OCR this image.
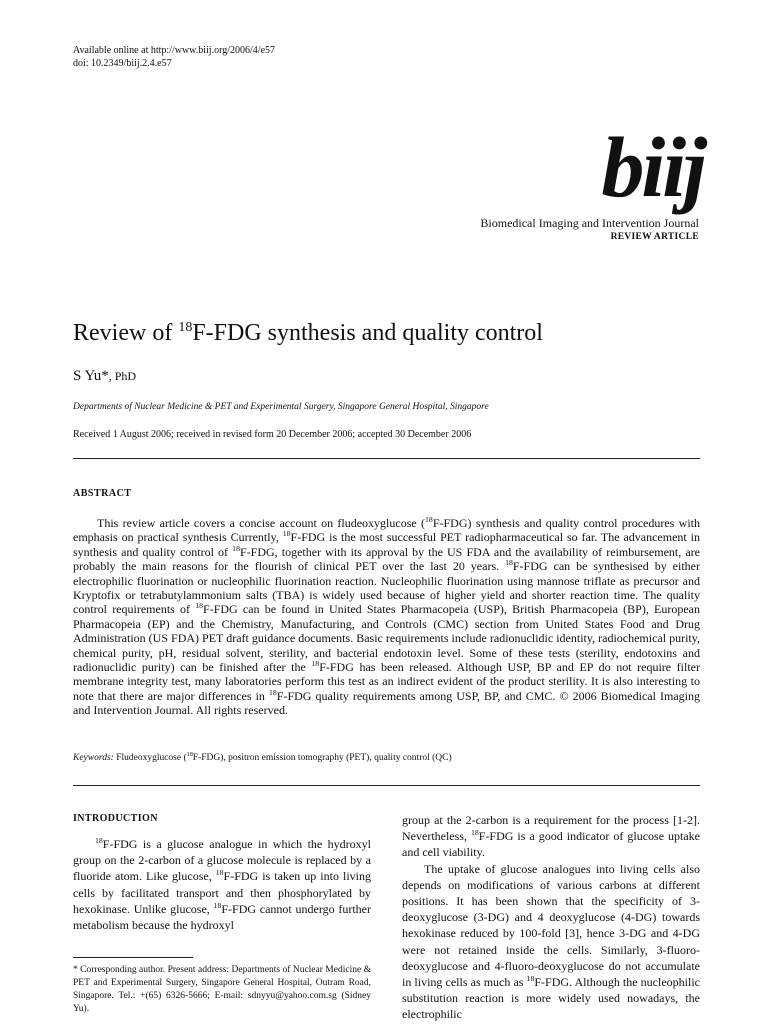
Available online at http://www.biij.org/2006/4/e57
doi: 10.2349/biij.2.4.e57
biij
Biomedical Imaging and Intervention Journal
REVIEW ARTICLE
Review of $^{18}$F-FDG synthesis and quality control
S Yu*, PhD
Departments of Nuclear Medicine & PET and Experimental Surgery, Singapore General Hospital, Singapore
Received 1 August 2006; received in revised form 20 December 2006; accepted 30 December 2006
ABSTRACT

This review article covers a concise account on fludeoxyglucose ($^{18}$F-FDG) synthesis and quality control procedures with emphasis on practical synthesis Currently, $^{18}$F-FDG is the most successful PET radiopharmaceutical so far. The advancement in synthesis and quality control of $^{18}$F-FDG, together with its approval by the US FDA and the availability of reimbursement, are probably the main reasons for the flourish of clinical PET over the last 20 years. $^{18}$F-FDG can be synthesised by either electrophilic fluorination or nucleophilic fluorination reaction. Nucleophilic fluorination using mannose triflate as precursor and Kryptofix or tetrabutylammonium salts (TBA) is widely used because of higher yield and shorter reaction time. The quality control requirements of $^{18}$F-FDG can be found in United States Pharmacopeia (USP), British Pharmacopeia (BP), European Pharmacopeia (EP) and the Chemistry, Manufacturing, and Controls (CMC) section from United States Food and Drug Administration (US FDA) PET draft guidance documents. Basic requirements include radionuclidic identity, radiochemical purity, chemical purity, pH, residual solvent, sterility, and bacterial endotoxin level. Some of these tests (sterility, endotoxins and radionuclidic purity) can be finished after the $^{18}$F-FDG has been released. Although USP, BP and EP do not require filter membrane integrity test, many laboratories perform this test as an indirect evident of the product sterility. It is also interesting to note that there are major differences in $^{18}$F-FDG quality requirements among USP, BP, and CMC. © 2006 Biomedical Imaging and Intervention Journal. All rights reserved.

Keywords: Fludeoxyglucose ($^{18}$F-FDG), positron emission tomography (PET), quality control (QC)
INTRODUCTION

$^{18}$F-FDG is a glucose analogue in which the hydroxyl group on the 2-carbon of a glucose molecule is replaced by a fluoride atom. Like glucose, $^{18}$F-FDG is taken up into living cells by facilitated transport and then phosphorylated by hexokinase. Unlike glucose, $^{18}$F-FDG cannot undergo further metabolism because the hydroxyl

* Corresponding author. Present address: Departments of Nuclear Medicine & PET and Experimental Surgery, Singapore General Hospital, Outram Road, Singapore. Tel.: +(65) 6326-5666; E-mail: sdnyyu@yahoo.com.sg (Sidney Yu).

group at the 2-carbon is a requirement for the process [1-2]. Nevertheless, $^{18}$F-FDG is a good indicator of glucose uptake and cell viability.

The uptake of glucose analogues into living cells also depends on modifications of various carbons at different positions. It has been shown that the specificity of 3-deoxyglucose (3-DG) and 4 deoxyglucose (4-DG) towards hexokinase reduced by 100-fold [3], hence 3-DG and 4-DG were not retained inside the cells. Similarly, 3-fluoro-deoxyglucose and 4-fluoro-deoxyglucose do not accumulate in living cells as much as $^{18}$F-FDG. Although the nucleophilic substitution reaction is more widely used nowadays, the electrophilic
